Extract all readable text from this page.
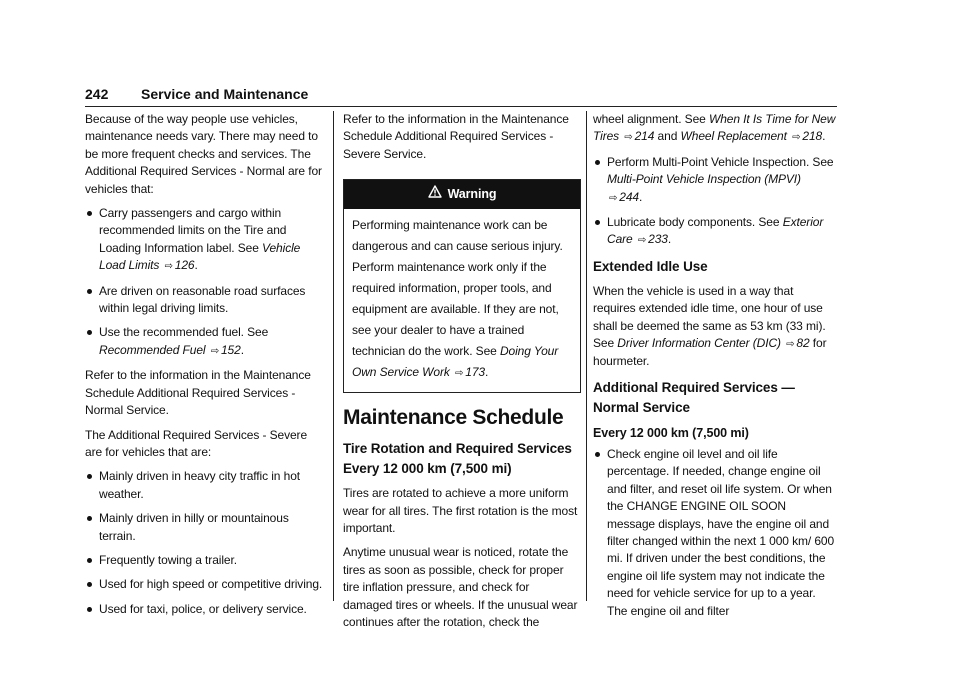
242 Service and Maintenance

Because of the way people use vehicles, maintenance needs vary. There may need to be more frequent checks and services. The Additional Required Services - Normal are for vehicles that:

Carry passengers and cargo within recommended limits on the Tire and Loading Information label. See Vehicle Load Limits ⇨ 126.
Are driven on reasonable road surfaces within legal driving limits.
Use the recommended fuel. See Recommended Fuel ⇨ 152.

Refer to the information in the Maintenance Schedule Additional Required Services - Normal Service.

The Additional Required Services - Severe are for vehicles that are:

Mainly driven in heavy city traffic in hot weather.
Mainly driven in hilly or mountainous terrain.
Frequently towing a trailer.
Used for high speed or competitive driving.
Used for taxi, police, or delivery service.

Refer to the information in the Maintenance Schedule Additional Required Services - Severe Service.

Warning
Performing maintenance work can be dangerous and can cause serious injury. Perform maintenance work only if the required information, proper tools, and equipment are available. If they are not, see your dealer to have a trained technician do the work. See Doing Your Own Service Work ⇨ 173.
Maintenance Schedule
Tire Rotation and Required Services Every 12 000 km (7,500 mi)

Tires are rotated to achieve a more uniform wear for all tires. The first rotation is the most important.

Anytime unusual wear is noticed, rotate the tires as soon as possible, check for proper tire inflation pressure, and check for damaged tires or wheels. If the unusual wear continues after the rotation, check the

wheel alignment. See When It Is Time for New Tires ⇨ 214 and Wheel Replacement ⇨ 218.

Perform Multi-Point Vehicle Inspection. See Multi-Point Vehicle Inspection (MPVI) ⇨ 244.
Lubricate body components. See Exterior Care ⇨ 233.
Extended Idle Use

When the vehicle is used in a way that requires extended idle time, one hour of use shall be deemed the same as 53 km (33 mi). See Driver Information Center (DIC) ⇨ 82 for hourmeter.

Additional Required Services — Normal Service
Every 12 000 km (7,500 mi)
Check engine oil level and oil life percentage. If needed, change engine oil and filter, and reset oil life system. Or when the CHANGE ENGINE OIL SOON message displays, have the engine oil and filter changed within the next 1 000 km/ 600 mi. If driven under the best conditions, the engine oil life system may not indicate the need for vehicle service for up to a year. The engine oil and filter
